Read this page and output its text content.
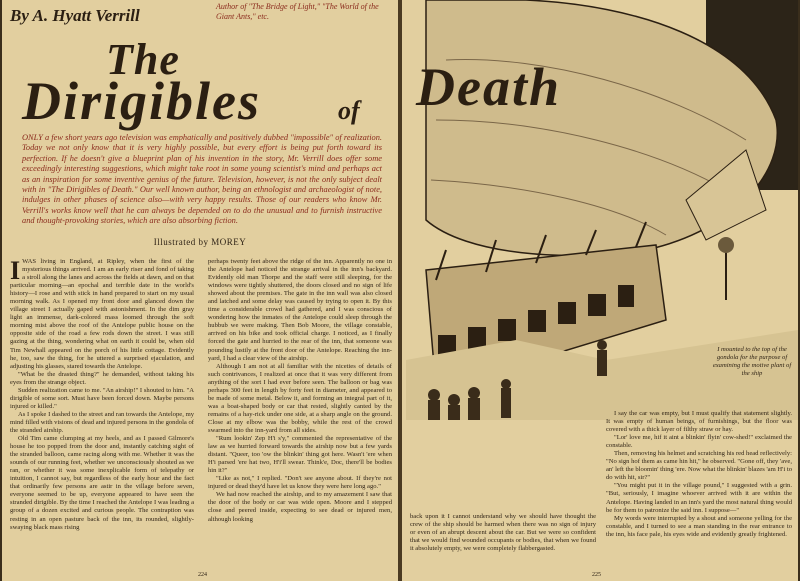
By A. Hyatt Verrill	Author of "The Bridge of Light," "The World of the Giant Ants," etc.
The
Dirigibles	of
ONLY a few short years ago television was emphatically and positively dubbed "impossible" of realization. Today we not only know that it is very highly possible, but every effort is being put forth toward its perfection. If he doesn't give a blueprint plan of his invention in the story, Mr. Verrill does offer some exceedingly interesting suggestions, which might take root in some young scientist's mind and perhaps act as an inspiration for some inventive genius of the future. Television, however, is not the only subject dealt with in "The Dirigibles of Death." Our well known author, being an ethnologist and archaeologist of note, indulges in other phases of science also—with very happy results. Those of our readers who know Mr. Verrill's works know well that he can always be depended on to do the unusual and to furnish instructive and thought-provoking stories, which are also absorbing fiction.
Illustrated by MOREY
I WAS living in England, at Ripley, when the first of the mysterious things arrived. I am an early riser and fond of taking a stroll along the lanes and across the fields at dawn, and on that particular morning—an epochal and terrible date in the world's history—I rose and with stick in hand prepared to start on my usual morning walk. As I opened my front door and glanced down the village street I actually gaped with astonishment. In the dim gray light an immense, dark-colored mass loomed through the soft morning mist above the roof of the Antelope public house on the opposite side of the road a few rods down the street. I was still gazing at the thing, wondering what on earth it could be, when old Tim Newhall appeared on the porch of his little cottage. Evidently he, too, saw the thing, for he uttered a surprised ejaculation, and adjusting his glasses, stared towards the Antelope.

"What be the drasted thing?" he demanded, without taking his eyes from the strange object.

Sudden realization came to me. "An airship!" I shouted to him. "A dirigible of some sort. Must have been forced down. Maybe persons injured or killed."

As I spoke I dashed to the street and ran towards the Antelope, my mind filled with visions of dead and injured persons in the gondola of the stranded airship.

Old Tim came clumping at my heels, and as I passed Gilmore's house he too popped from the door and, instantly catching sight of the stranded balloon, came racing along with me. Whether it was the sounds of our running feet, whether we unconsciously shouted as we ran, or whether it was some inexplicable form of telepathy or intuition, I cannot say, but regardless of the early hour and the fact that ordinarily few persons are astir in the village before seven, everyone seemed to be up, everyone appeared to have seen the stranded dirigible. By the time I reached the Antelope I was leading a group of a dozen excited and curious people. The contraption was resting in an open pasture back of the inn, its rounded, slightly-swaying black mass rising

perhaps twenty feet above the ridge of the inn. Apparently no one in the Antelope had noticed the strange arrival in the inn's backyard. Evidently old man Thorpe and the staff were still sleeping, for the windows were tightly shuttered, the doors closed and no sign of life showed about the premises. The gate in the inn wall was also closed and latched and some delay was caused by trying to open it. By this time a considerable crowd had gathered, and I was conscious of wondering how the inmates of the Antelope could sleep through the hubbub we were making. Then Bob Moore, the village constable, arrived on his bike and took official charge. I noticed, as I finally forced the gate and hurried to the rear of the inn, that someone was pounding lustily at the front door of the Antelope. Reaching the inn-yard, I had a clear view of the airship.

Although I am not at all familiar with the niceties of details of such contrivances, I realized at once that it was very different from anything of the sort I had ever before seen. The balloon or bag was perhaps 300 feet in length by forty feet in diameter, and appeared to be made of some metal. Below it, and forming an integral part of it, was a boat-shaped body or car that rested, slightly canted by the remains of a hay-rick under one side, at a sharp angle on the ground. Close at my elbow was the bobby, while the rest of the crowd swarmed into the inn-yard from all sides.

"Rum lookin' Zep H'i s'y," commented the representative of the law as we hurried forward towards the airship now but a few yards distant. "Queer, too 'ow the blinkin' thing got here. Wasn't 'ere when H'i parsed 'ere hat two, H'i'll swear. Think'e, Doc, there'll be bodies hin it?"

"Like as not," I replied. "Don't see anyone about. If they're not injured or dead they'd have let us know they were here long ago."

We had now reached the airship, and to my amazement I saw that the door of the body or car was wide open. Moore and I stepped close and peered inside, expecting to see dead or injured men, although looking

224
Death
I mounted to the top of the gondola for the purpose of examining the motive plant of the ship

back upon it I cannot understand why we should have thought the crew of the ship should be harmed when there was no sign of injury or even of an abrupt descent about the car. But we were so confident that we would find wounded occupants or bodies, that when we found it absolutely empty, we were completely flabbergasted.

I say the car was empty, but I must qualify that statement slightly. It was empty of human beings, of furnishings, but the floor was covered with a thick layer of filthy straw or hay.

"Lor' love me, hif it aint a blinkin' flyin' cow-shed!" exclaimed the constable.

Then, removing his helmet and scratching his red head reflectively: "No sign hof them as came hin hit," he observed. "Gone off, they 'ave, an' left the bloomin' thing 'ere. Now what the blinkin' blazes 'am H'i to do with hit, sir?"

"You might put it in the village pound," I suggested with a grin. "But, seriously, I imagine whoever arrived with it are within the Antelope. Having landed in an inn's yard the most natural thing would be for them to patronize the said inn. I suppose—"

My words were interrupted by a shout and someone yelling for the constable, and I turned to see a man standing in the rear entrance to the inn, his face pale, his eyes wide and evidently greatly frightened.

225
